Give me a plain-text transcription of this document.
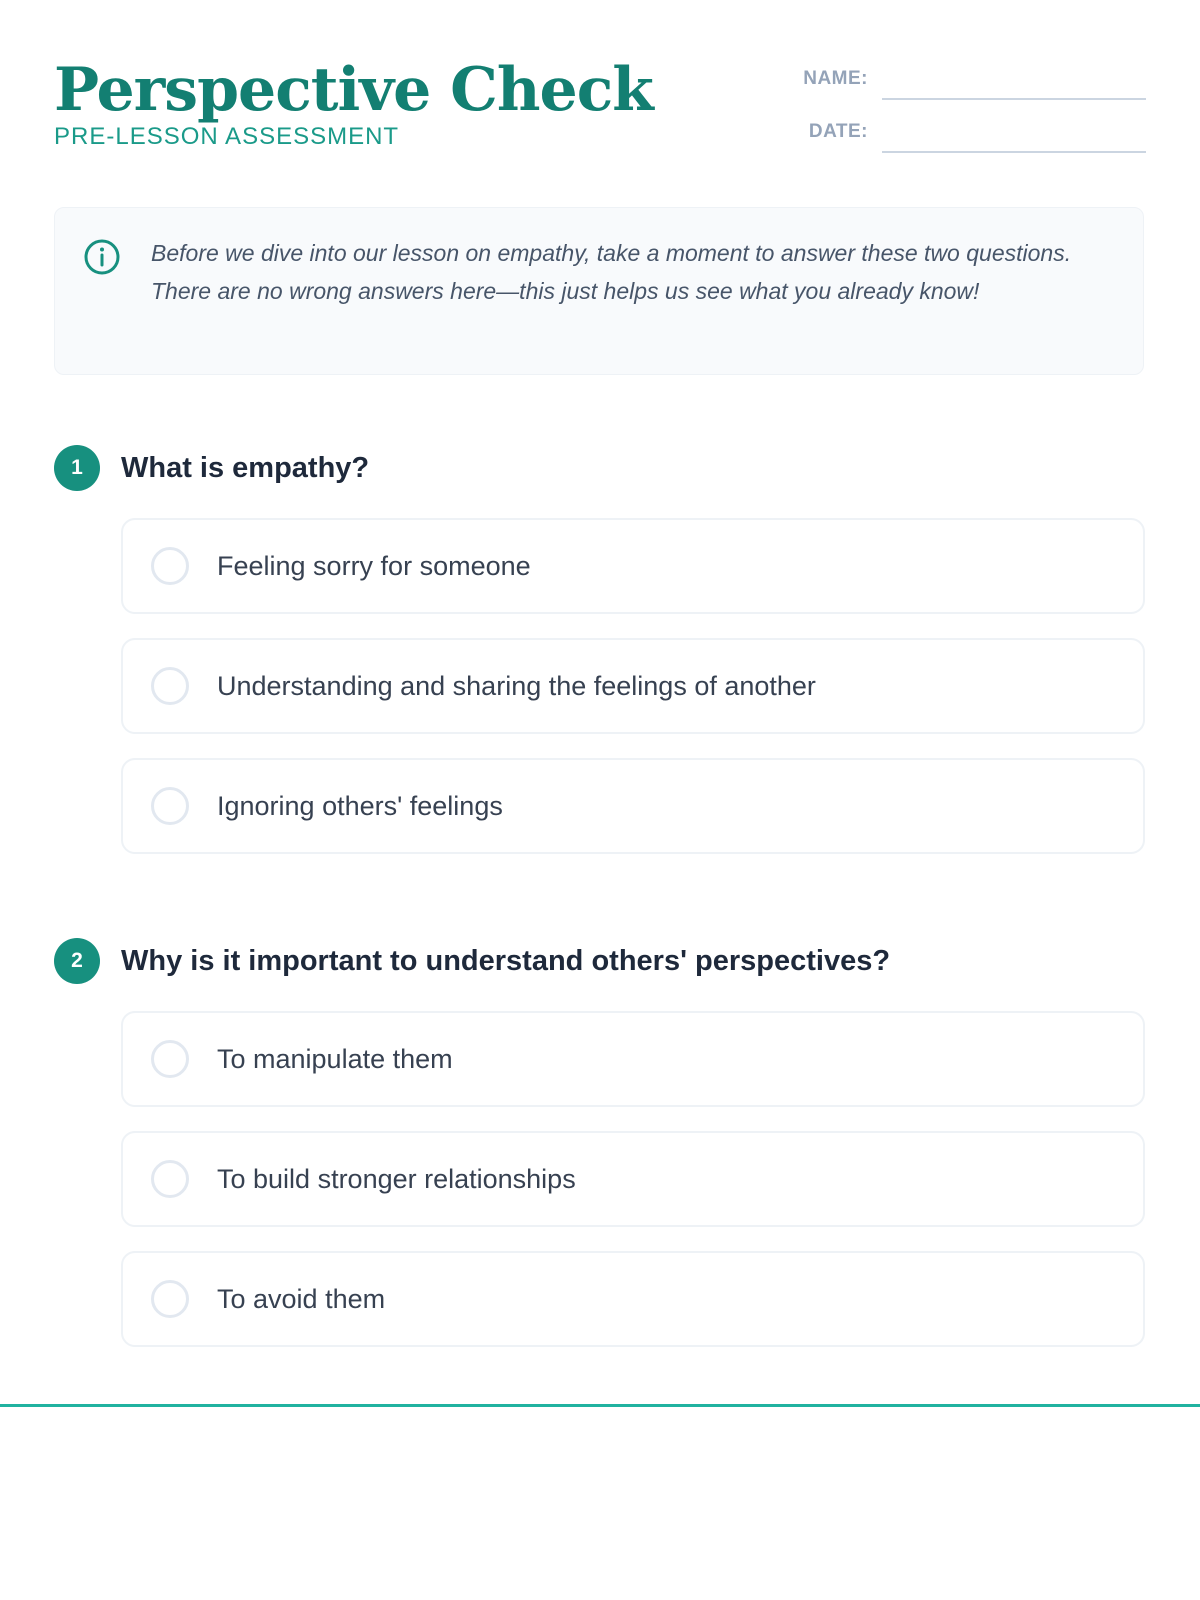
Perspective Check
PRE-LESSON ASSESSMENT
NAME:
DATE:
Before we dive into our lesson on empathy, take a moment to answer these two questions. There are no wrong answers here—this just helps us see what you already know!
1	What is empathy?
Feeling sorry for someone
Understanding and sharing the feelings of another
Ignoring others' feelings
2	Why is it important to understand others' perspectives?
To manipulate them
To build stronger relationships
To avoid them
